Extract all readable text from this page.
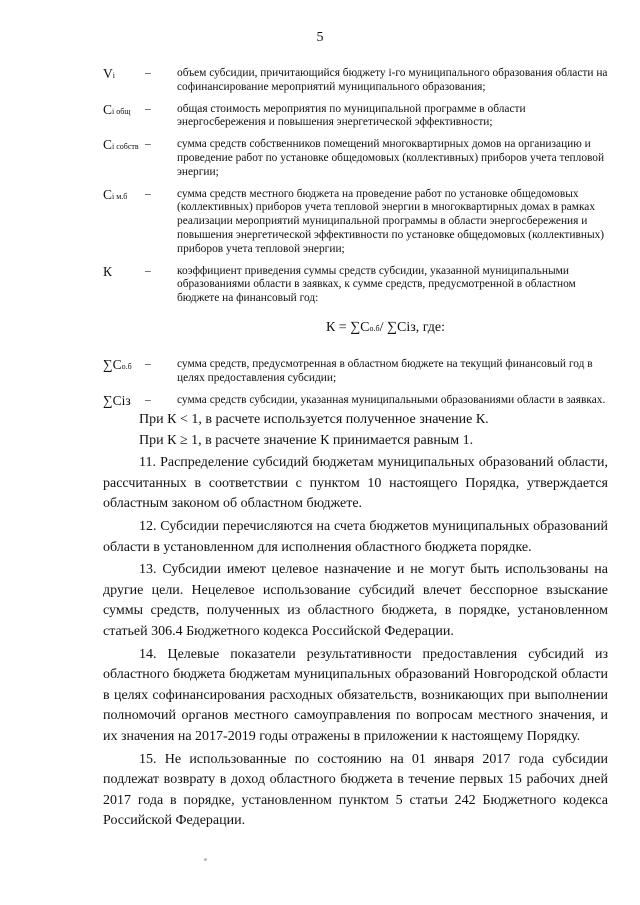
5
Vi	– объем субсидии, причитающийся бюджету i-го муниципального образования области на софинансирование мероприятий муниципального образования;
Ci общ – общая стоимость мероприятия по муниципальной программе в области энергосбережения и повышения энергетической эффективности;
Ci собств – сумма средств собственников помещений многоквартирных домов на организацию и проведение работ по установке общедомовых (коллективных) приборов учета тепловой энергии;
Ci м.б – сумма средств местного бюджета на проведение работ по установке общедомовых (коллективных) приборов учета тепловой энергии в многоквартирных домах в рамках реализации мероприятий муниципальной программы в области энергосбережения и повышения энергетической эффективности по установке общедомовых (коллективных) приборов учета тепловой энергии;
К	– коэффициент приведения суммы средств субсидии, указанной муниципальными образованиями области в заявках, к сумме средств, предусмотренной в областном бюджете на финансовый год:
К = ∑Со.б/ ∑Сiз, где:
∑Со.б – сумма средств, предусмотренная в областном бюджете на текущий финансовый год в целях предоставления субсидии;
∑Сiз – сумма средств субсидии, указанная муниципальными образованиями области в заявках.

При К < 1, в расчете используется полученное значение К.

При К ≥ 1, в расчете значение К принимается равным 1.

11. Распределение субсидий бюджетам муниципальных образований области, рассчитанных в соответствии с пунктом 10 настоящего Порядка, утверждается областным законом об областном бюджете.

12. Субсидии перечисляются на счета бюджетов муниципальных образований области в установленном для исполнения областного бюджета порядке.

13. Субсидии имеют целевое назначение и не могут быть использованы на другие цели. Нецелевое использование субсидий влечет бесспорное взыскание суммы средств, полученных из областного бюджета, в порядке, установленном статьей 306.4 Бюджетного кодекса Российской Федерации.

14. Целевые показатели результативности предоставления субсидий из областного бюджета бюджетам муниципальных образований Новгородской области в целях софинансирования расходных обязательств, возникающих при выполнении полномочий органов местного самоуправления по вопросам местного значения, и их значения на 2017-2019 годы отражены в приложении к настоящему Порядку.

15. Не использованные по состоянию на 01 января 2017 года субсидии подлежат возврату в доход областного бюджета в течение первых 15 рабочих дней 2017 года в порядке, установленном пунктом 5 статьи 242 Бюджетного кодекса Российской Федерации.
